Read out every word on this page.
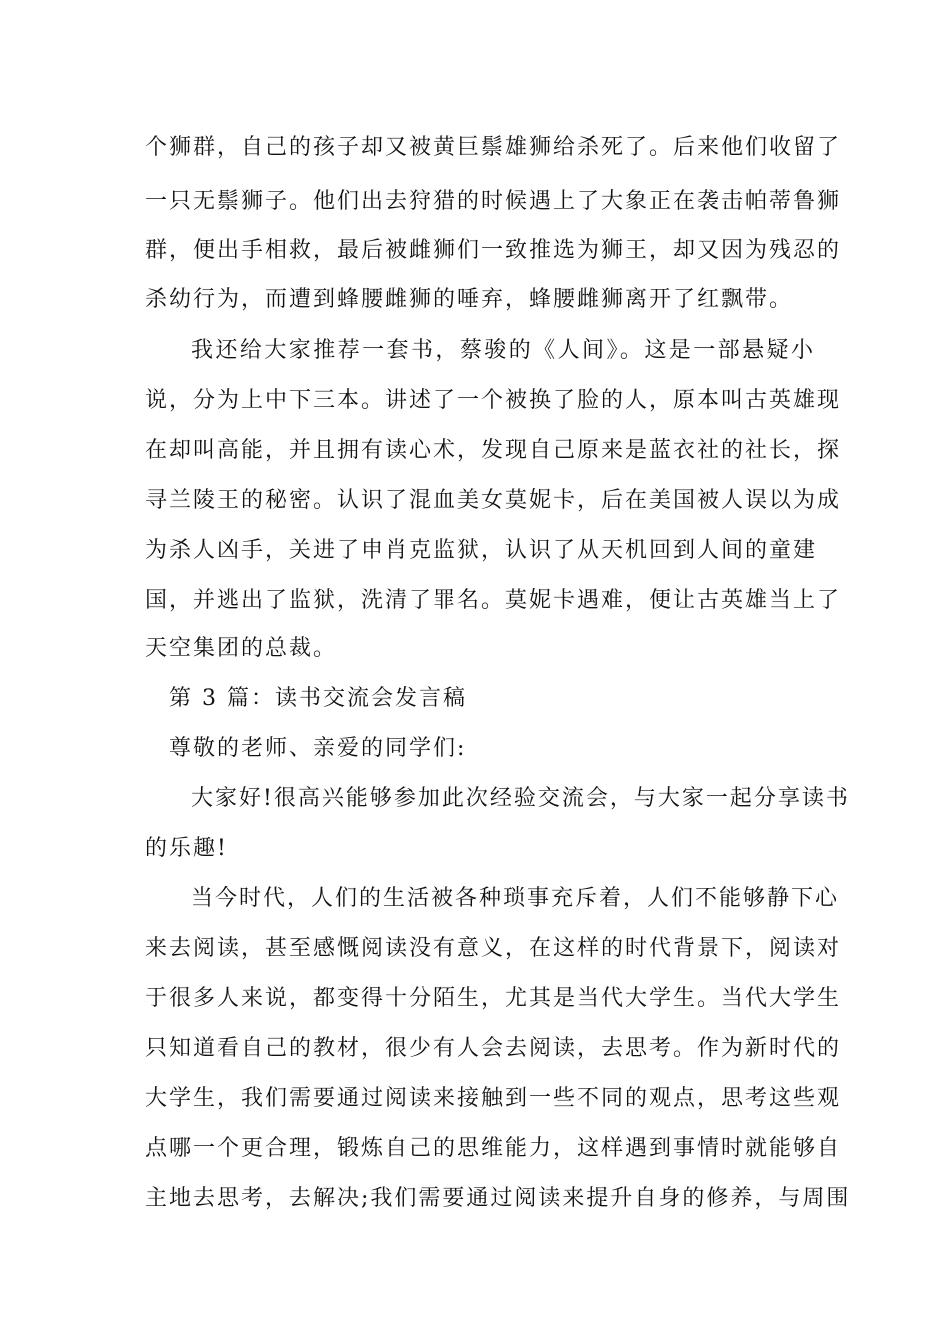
个狮群，自己的孩子却又被黄巨鬃雄狮给杀死了。后来他们收留了
一只无鬃狮子。他们出去狩猎的时候遇上了大象正在袭击帕蒂鲁狮
群，便出手相救，最后被雌狮们一致推选为狮王，却又因为残忍的
杀幼行为，而遭到蜂腰雌狮的唾弃，蜂腰雌狮离开了红飘带。
我还给大家推荐一套书，蔡骏的《人间》。这是一部悬疑小
说，分为上中下三本。讲述了一个被换了脸的人，原本叫古英雄现
在却叫高能，并且拥有读心术，发现自己原来是蓝衣社的社长，探
寻兰陵王的秘密。认识了混血美女莫妮卡，后在美国被人误以为成
为杀人凶手，关进了申肖克监狱，认识了从天机回到人间的童建
国，并逃出了监狱，洗清了罪名。莫妮卡遇难，便让古英雄当上了
天空集团的总裁。
第 3 篇：读书交流会发言稿
尊敬的老师、亲爱的同学们:
大家好!很高兴能够参加此次经验交流会，与大家一起分享读书
的乐趣!
当今时代，人们的生活被各种琐事充斥着，人们不能够静下心
来去阅读，甚至感慨阅读没有意义，在这样的时代背景下，阅读对
于很多人来说，都变得十分陌生，尤其是当代大学生。当代大学生
只知道看自己的教材，很少有人会去阅读，去思考。作为新时代的
大学生，我们需要通过阅读来接触到一些不同的观点，思考这些观
点哪一个更合理，锻炼自己的思维能力，这样遇到事情时就能够自
主地去思考，去解决;我们需要通过阅读来提升自身的修养，与周围
